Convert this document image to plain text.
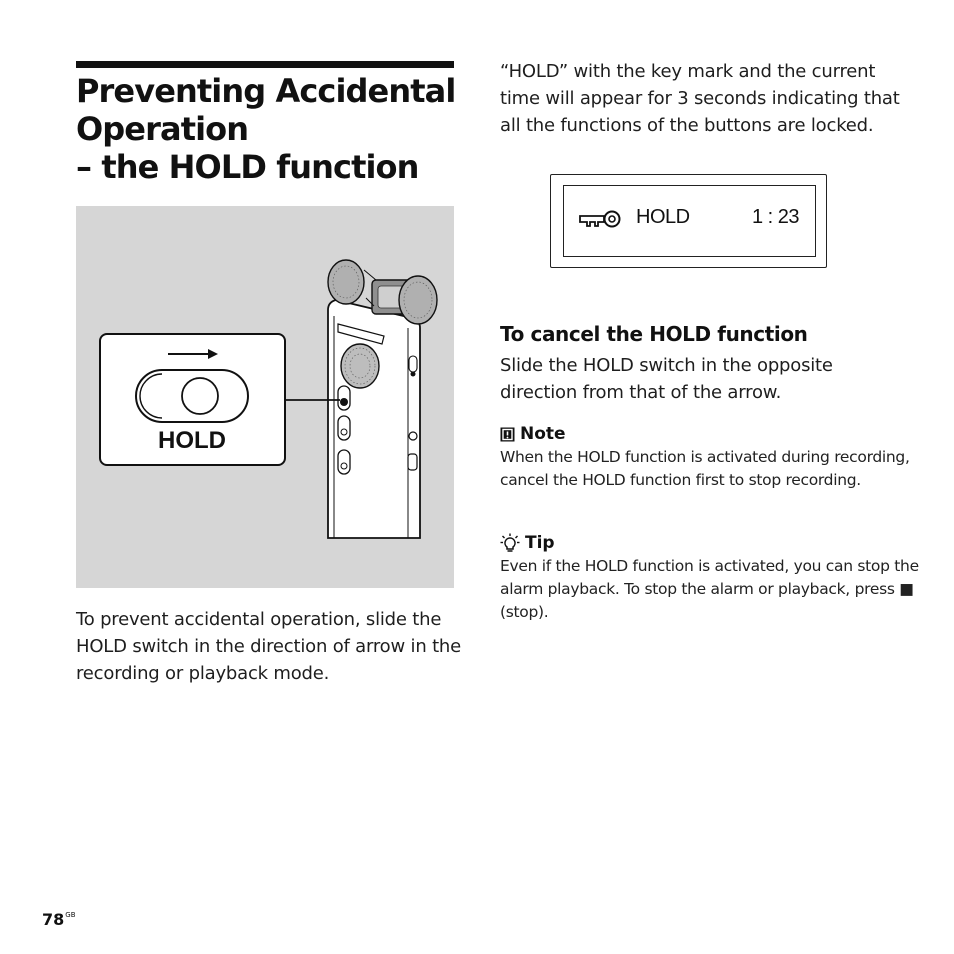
Preventing Accidental
Operation
– the HOLD function
HOLD

To prevent accidental operation, slide the HOLD switch in the direction of arrow in the recording or playback mode.

“HOLD” with the key mark and the current time will appear for 3 seconds indicating that all the functions of the buttons are locked.

HOLD	1 : 23
To cancel the HOLD function

Slide the HOLD switch in the opposite direction from that of the arrow.

Note

When the HOLD function is activated during recording, cancel the HOLD function first to stop recording.

Tip

Even if the HOLD function is activated, you can stop the alarm playback. To stop the alarm or playback, press ■ (stop).

$78^{GB}$
